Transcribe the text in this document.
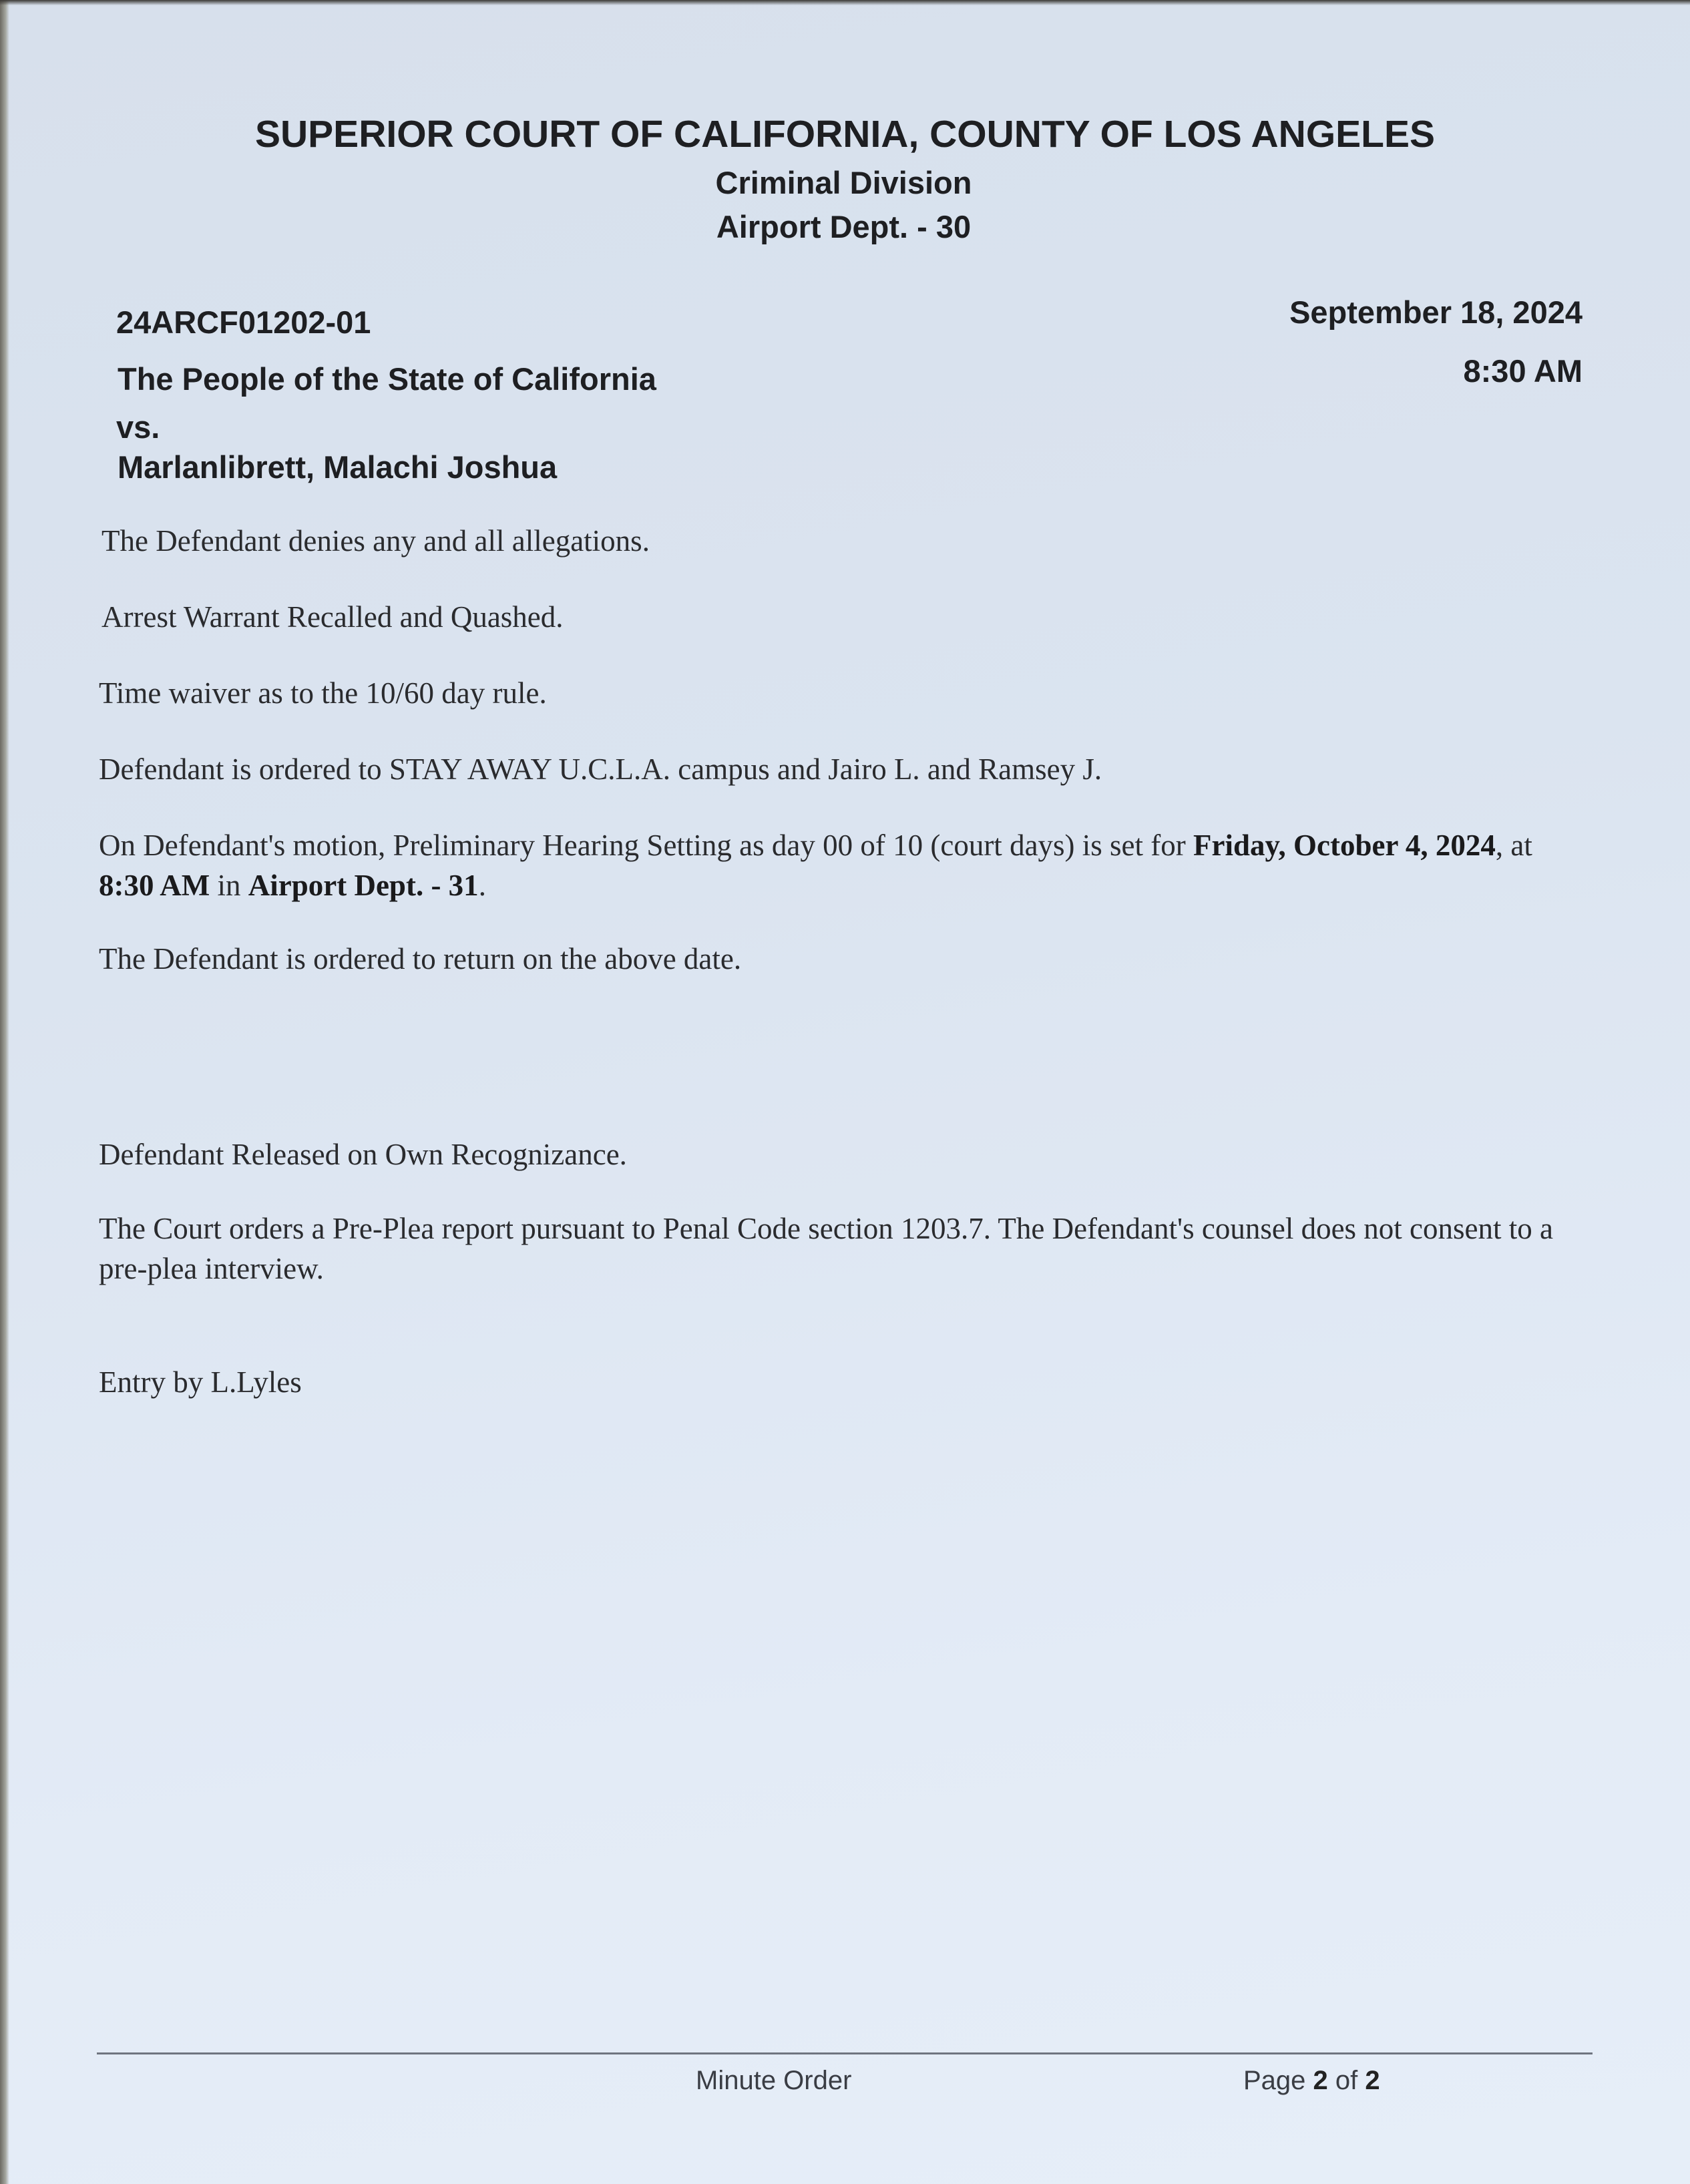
SUPERIOR COURT OF CALIFORNIA, COUNTY OF LOS ANGELES
Criminal Division
Airport Dept. - 30
24ARCF01202-01	September 18, 2024
8:30 AM
The People of the State of California
vs.
Marlanlibrett, Malachi Joshua
The Defendant denies any and all allegations.
Arrest Warrant Recalled and Quashed.
Time waiver as to the 10/60 day rule.
Defendant is ordered to STAY AWAY U.C.L.A. campus and Jairo L. and Ramsey J.
On Defendant's motion, Preliminary Hearing Setting as day 00 of 10 (court days) is set for Friday, October 4, 2024, at 8:30 AM in Airport Dept. - 31.
The Defendant is ordered to return on the above date.
Defendant Released on Own Recognizance.
The Court orders a Pre-Plea report pursuant to Penal Code section 1203.7. The Defendant's counsel does not consent to a pre-plea interview.
Entry by L.Lyles
Minute Order	Page 2 of 2
